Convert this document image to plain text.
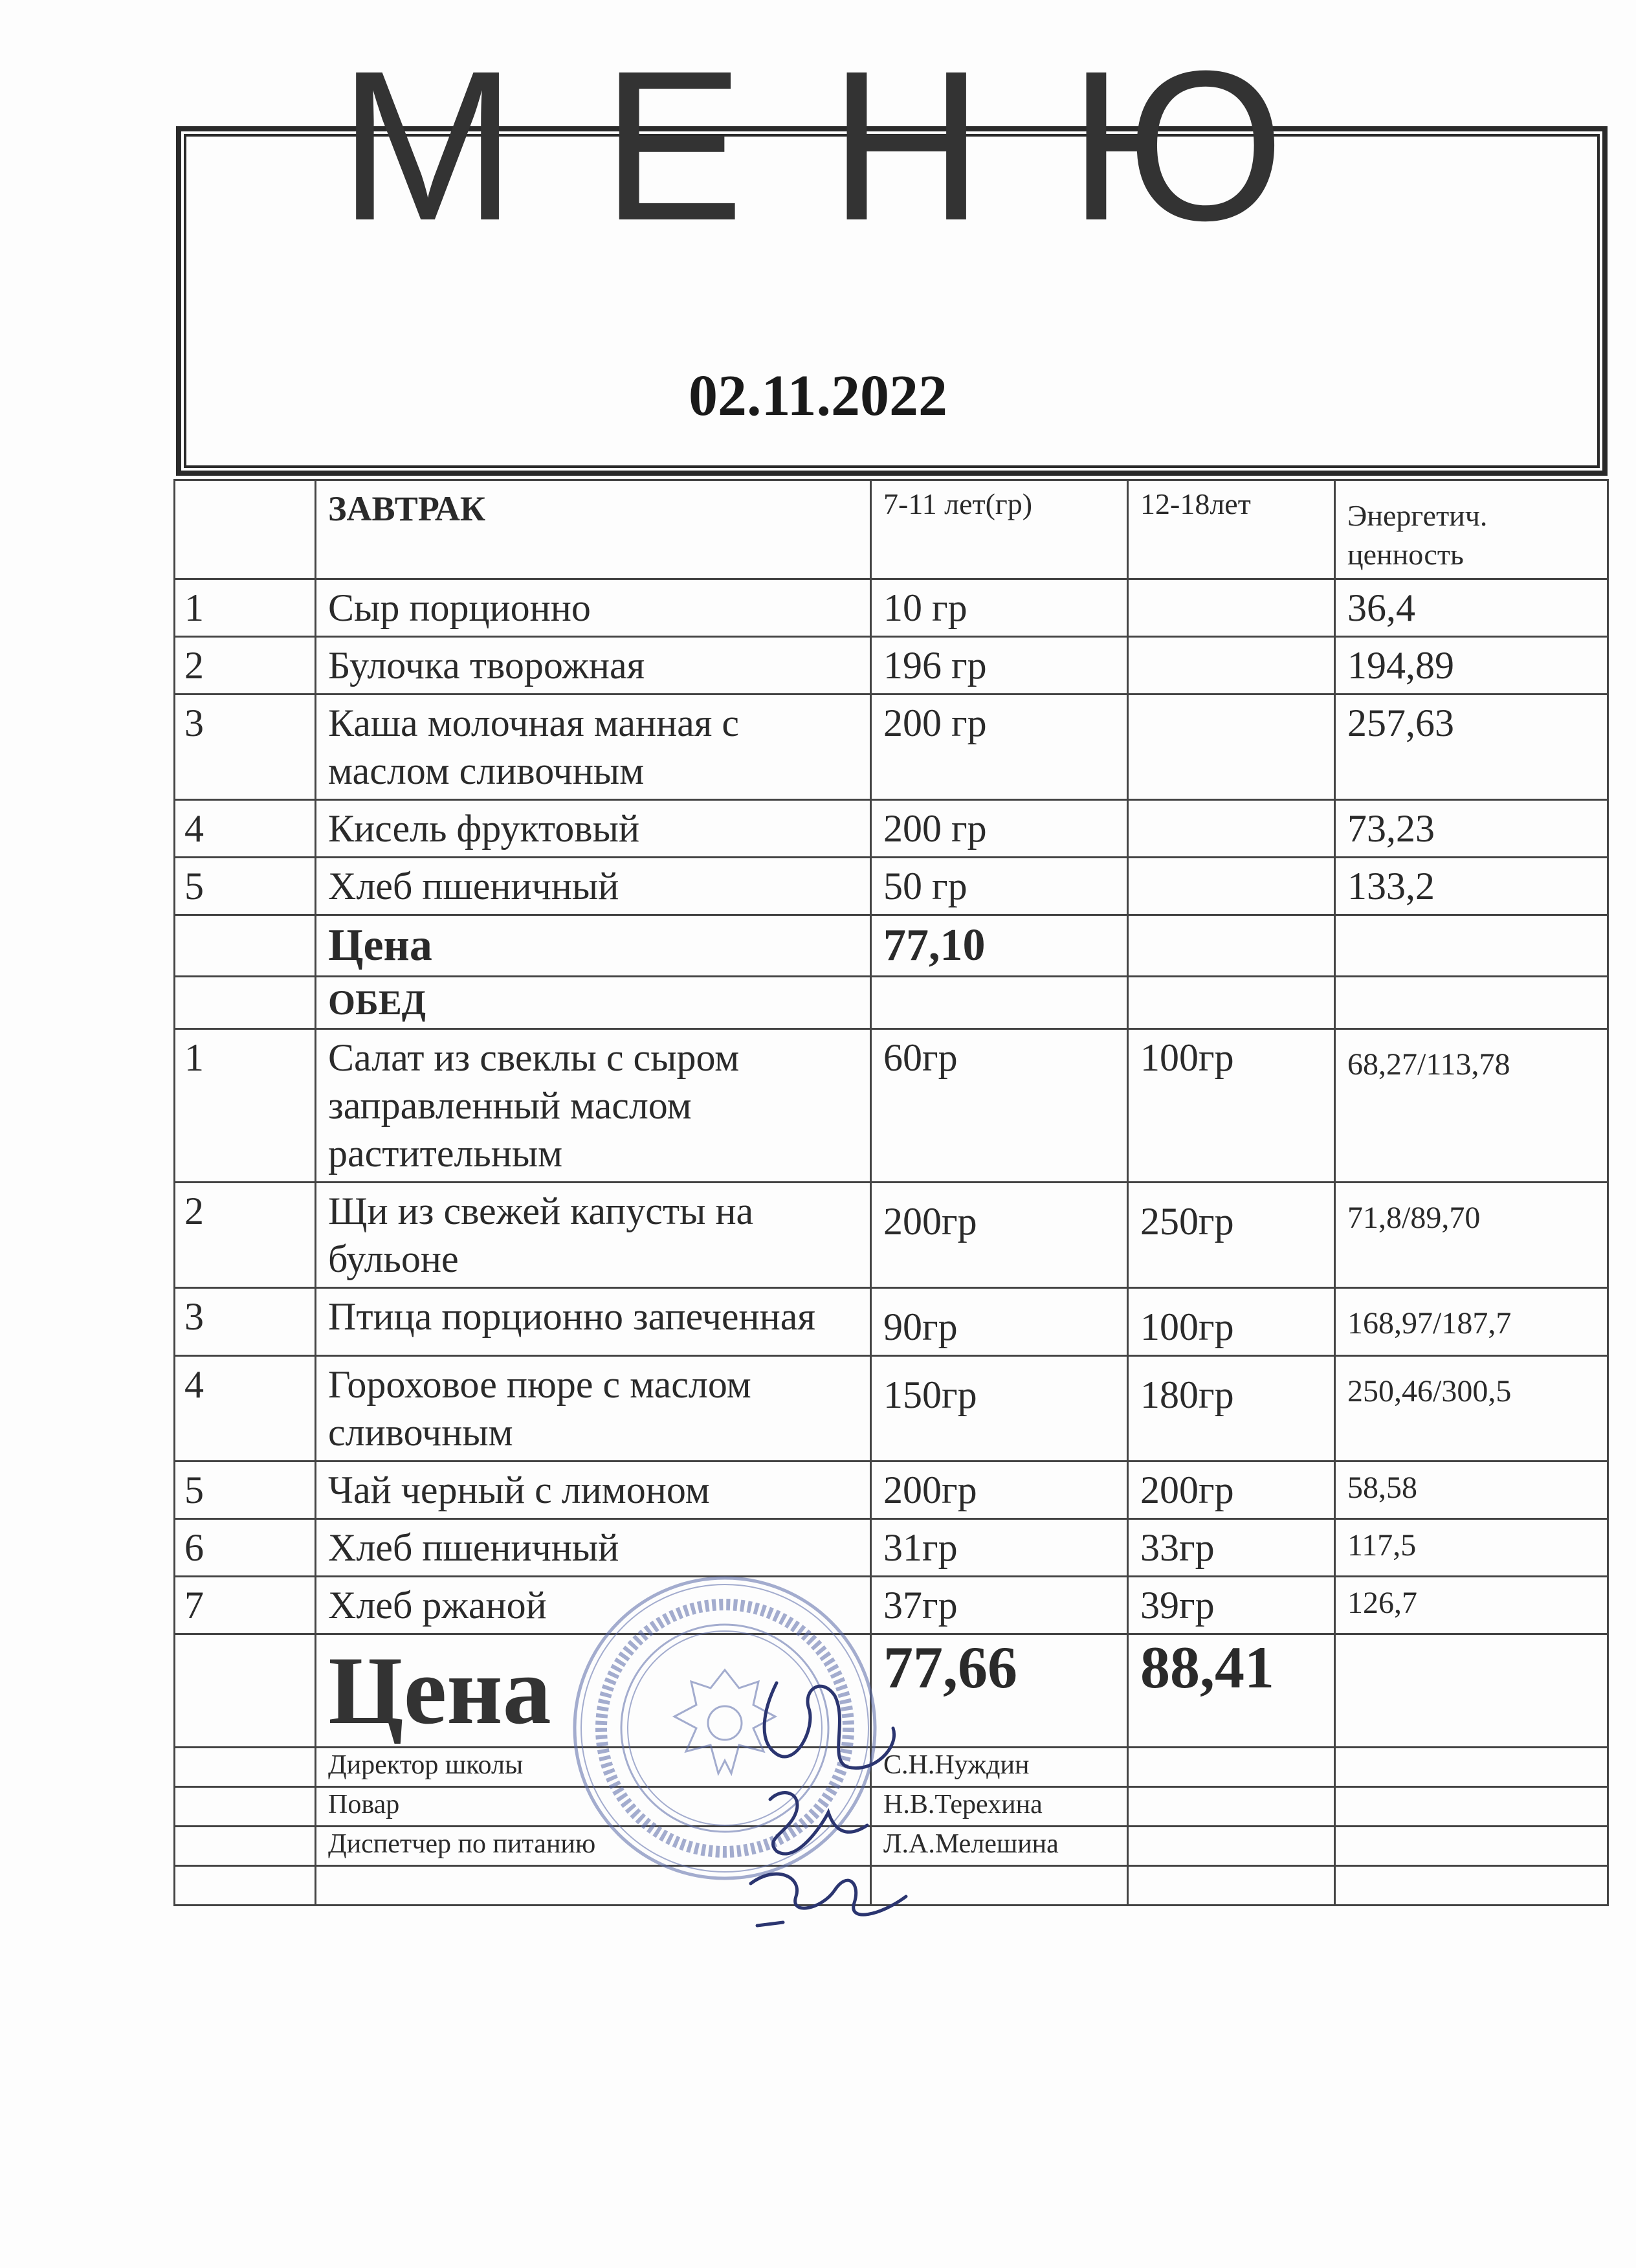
М Е Н Ю
02.11.2022
	ЗАВТРАК	7-11 лет(гр)	12-18лет	Энергетич. ценность
1	Сыр порционно	10 гр		36,4
2	Булочка творожная	196 гр		194,89
3	Каша молочная манная с маслом сливочным	200 гр		257,63
4	Кисель фруктовый	200 гр		73,23
5	Хлеб пшеничный	50 гр		133,2
	Цена	77,10		
	ОБЕД			
1	Салат из свеклы с сыром заправленный маслом растительным	60гр	100гр	68,27/113,78
2	Щи из свежей капусты на бульоне	200гр	250гр	71,8/89,70
3	Птица порционно запеченная	90гр	100гр	168,97/187,7
4	Гороховое пюре с маслом сливочным	150гр	180гр	250,46/300,5
5	Чай черный с лимоном	200гр	200гр	58,58
6	Хлеб пшеничный	31гр	33гр	117,5
7	Хлеб ржаной	37гр	39гр	126,7
	Цена	77,66	88,41	
	Директор школы	С.Н.Нуждин		
	Повар	Н.В.Терехина		
	Диспетчер по питанию	Л.А.Мелешина		
